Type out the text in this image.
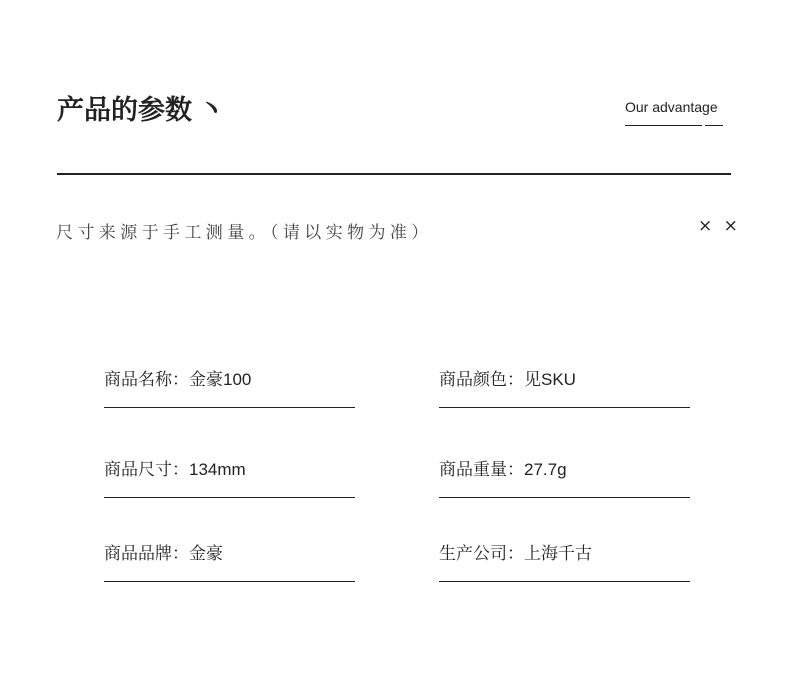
产品的参数 丶	Our advantage
尺寸来源于手工测量。（请以实物为准）	× ×
商品名称：金豪100	商品颜色：见SKU
商品尺寸：134mm	商品重量：27.7g
商品品牌：金豪	生产公司：上海千古
